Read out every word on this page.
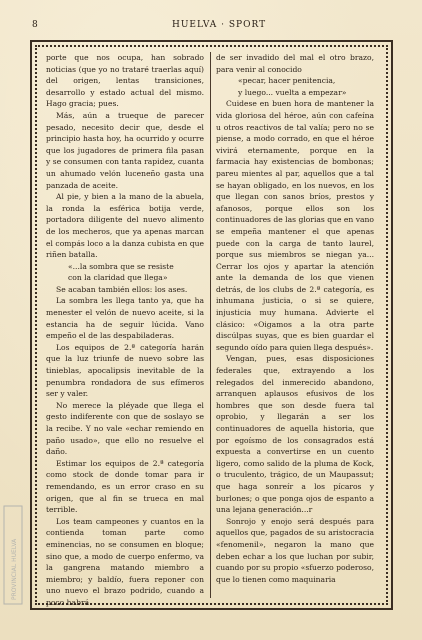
8	HUELVA · SPORT

porte que nos ocupa, han sobrado noticias (que yo no trataré traerlas aquí) del origen, lentas transiciones, desarrollo y estado actual del mismo. Hago gracia; pues.

Más, aún a trueque de parecer pesado, necesito decir que, desde el principio hasta hoy, ha ocurrido y ocurre que los jugadores de primera fila pasan y se consumen con tanta rapidez, cuanta un ahumado velón luceneño gasta una panzada de aceite.

Al pie, y bien a la mano de la abuela, la ronda la esférica botija verde, portadora diligente del nuevo alimento de los mecheros, que ya apenas marcan el compás loco a la danza cubista en que riñen batalla.

«...la sombra que se resiste

con la claridad que llega»

Se acaban también ellos: los ases.

La sombra les llega tanto ya, que ha menester el velón de nuevo aceite, si la estancia ha de seguir lúcida. Vano empeño el de las despabiladeras.

Los equipos de 2.ª categoría harán que la luz triunfe de nuevo sobre las tinieblas, apocalipsis inevitable de la penumbra rondadora de sus efímeros ser y valer.

No merece la pléyade que llega el gesto indiferente con que de soslayo se la recibe. Y no vale «echar remiendo en paño usado», que ello no resuelve el daño.

Estimar los equipos de 2.ª categoría como stock de donde tomar para ir remendando, es un error craso en su origen, que al fin se trueca en mal terrible.

Los team campeones y cuantos en la contienda toman parte como eminencias, no se consumen en bloque; sino que, a modo de cuerpo enfermo, va la gangrena matando miembro a miembro; y baldío, fuera reponer con uno nuevo el brazo podrido, cuando a poco habrá

de ser invadido del mal el otro brazo, para venir al conocido

«pecar, hacer penitencia,

y luego... vuelta a empezar»

Cuidese en buen hora de mantener la vida gloriosa del héroe, aún con cafeína u otros reactivos de tal valía; pero no se piense, a modo corrado, en que el héroe vivirá eternamente, porque en la farmacia hay existencias de bombonas; pareu mientes al par, aquellos que a tal se hayan obligado, en los nuevos, en los que llegan con sanos bríos, prestos y afanosos, porque ellos son los continuadores de las glorias que en vano se empeña mantener el que apenas puede con la carga de tanto laurel, porque sus miembros se niegan ya... Cerrar los ojos y apartar la atención ante la demanda de los que vienen detrás, de los clubs de 2.ª categoría, es inhumana justicia, o si se quiere, injusticia muy humana. Advierte el clásico: «Oigamos a la otra parte discúlpas suyas, que es bien guardar el segundo oído para quien llega después».

Vengan, pues, esas disposiciones federales que, extrayendo a los relegados del inmerecido abandono, arranquen aplausos efusivos de los hombres que son desde fuera tal oprobio, y llegarán a ser los continuadores de aquella historia, que por egoísmo de los consagrados está expuesta a convertirse en un cuento ligero, como salido de la pluma de Kock, o truculento, trágico, de un Maupassut; que haga sonreír a los pícaros y burlones; o que ponga ojos de espanto a una lejana generación...r

Sonrojo y enojo será después para aquellos que, pagados de su aristocracia «fenomenil», negaron la mano que deben echar a los que luchan por subir, cuando por su propio «sfuerzo poderoso, que lo tienen como maquinaria

PROVINCIAL HUELVA
